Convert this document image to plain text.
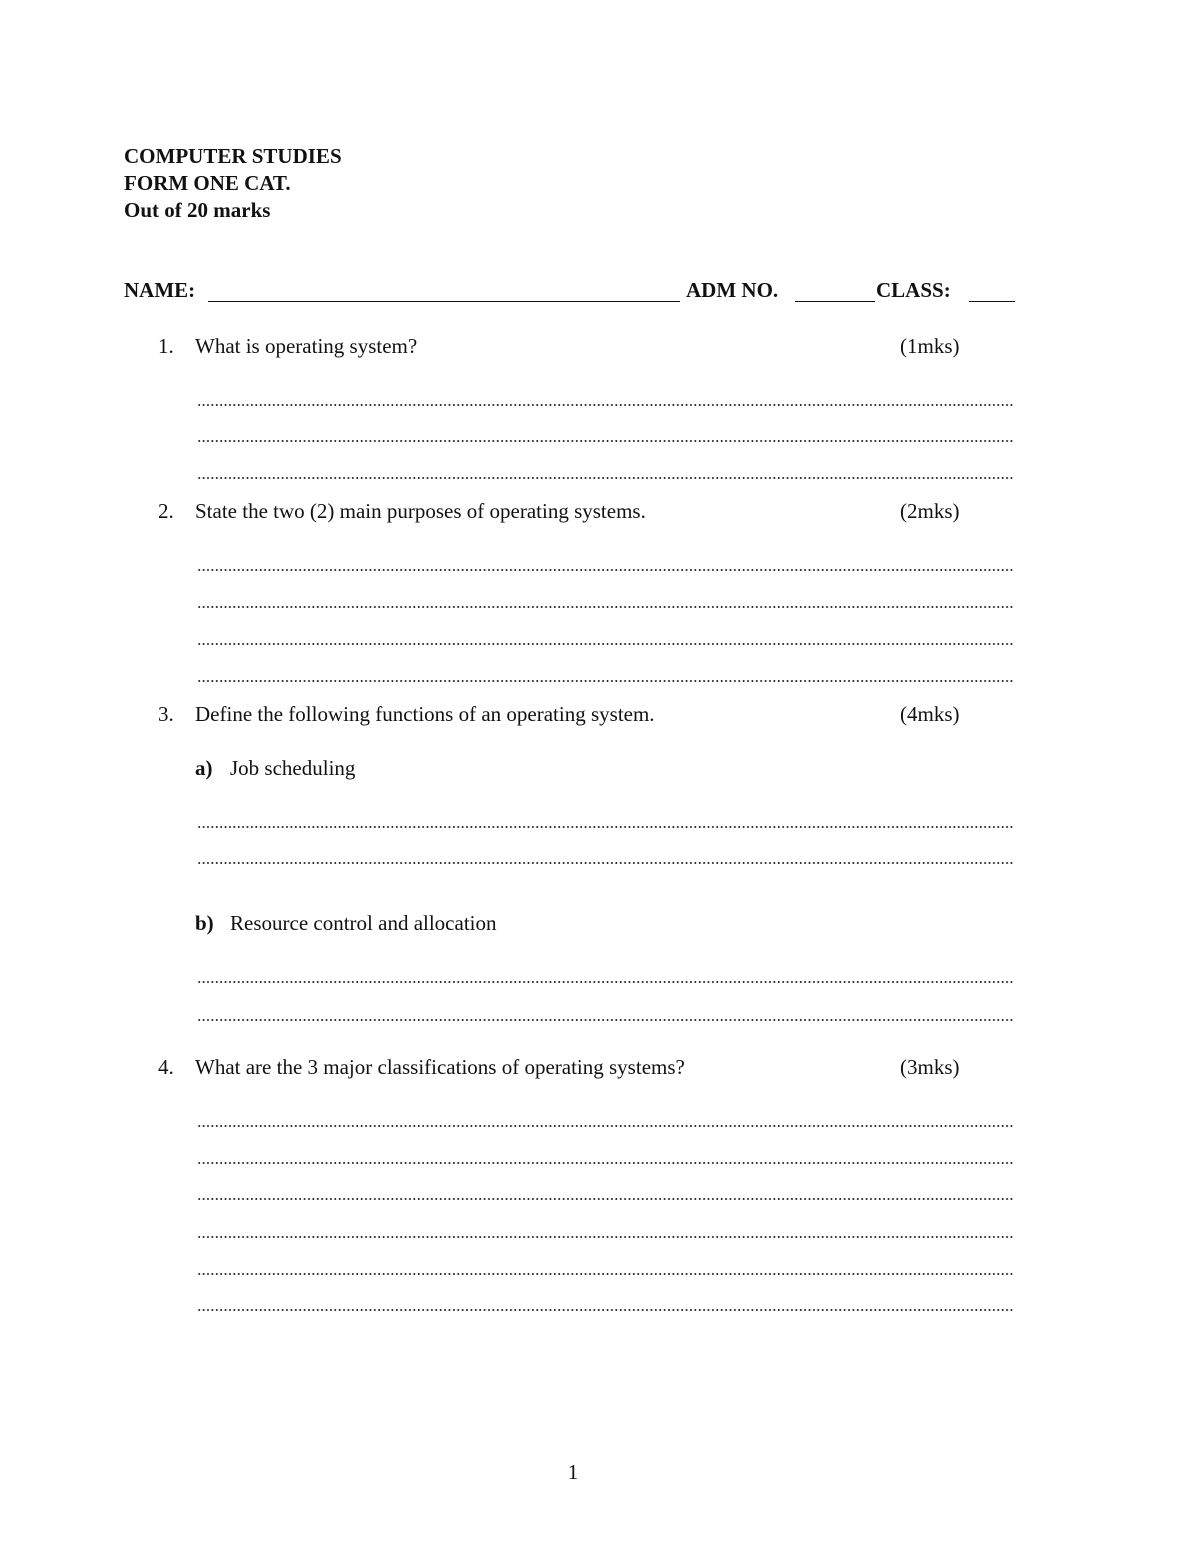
COMPUTER STUDIES
FORM ONE CAT.
Out of 20 marks
NAME:	ADM NO.	CLASS:
1. What is operating system?	(1mks)
2. State the two (2) main purposes of operating systems.	(2mks)
3. Define the following functions of an operating system.	(4mks)
a) Job scheduling
b) Resource control and allocation
4. What are the 3 major classifications of operating systems?	(3mks)
1
